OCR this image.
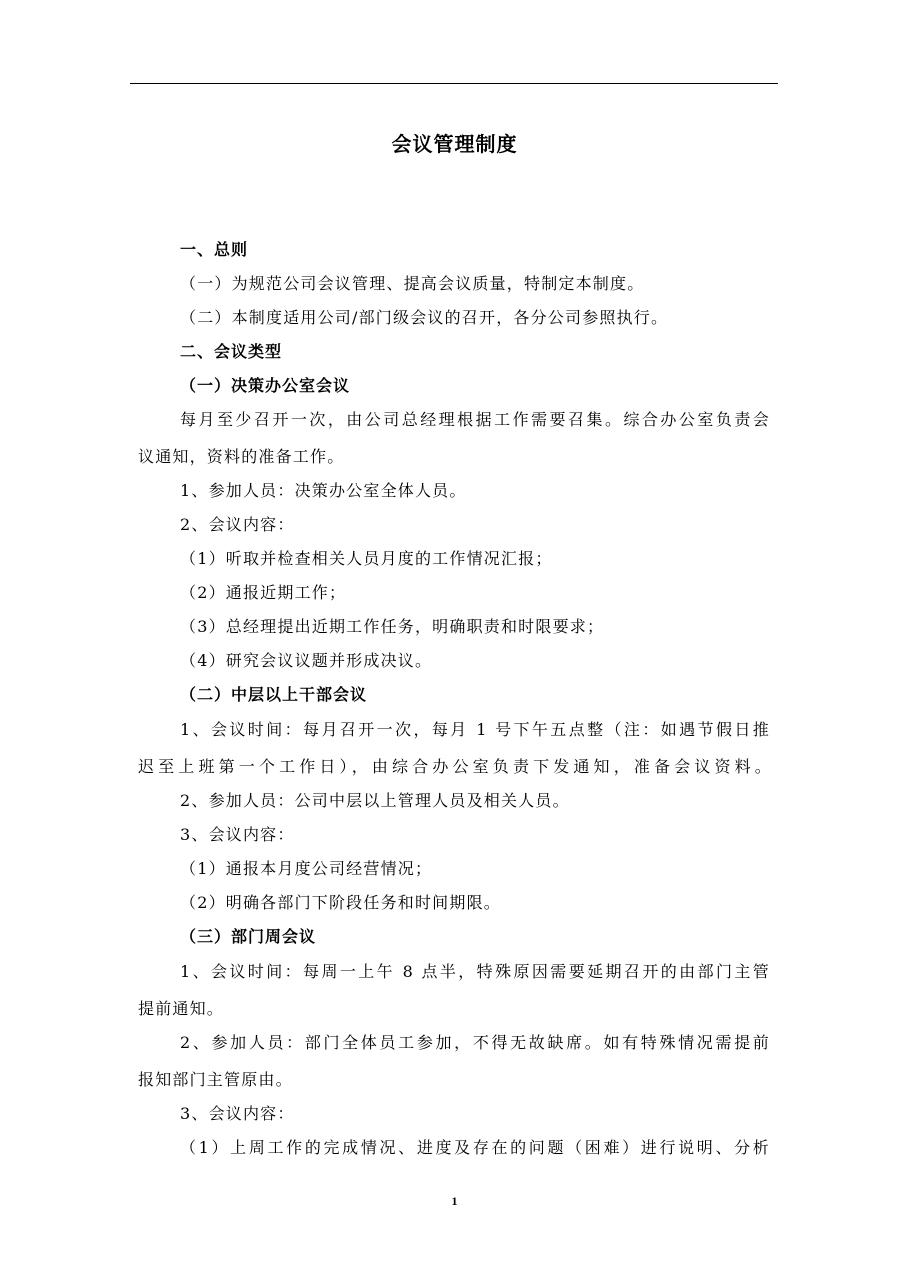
会议管理制度
一、总则
（一）为规范公司会议管理、提高会议质量，特制定本制度。
（二）本制度适用公司/部门级会议的召开，各分公司参照执行。
二、会议类型
（一）决策办公室会议
每月至少召开一次，由公司总经理根据工作需要召集。综合办公室负责会
议通知，资料的准备工作。
1、参加人员：决策办公室全体人员。
2、会议内容：
（1）听取并检查相关人员月度的工作情况汇报；
（2）通报近期工作；
（3）总经理提出近期工作任务，明确职责和时限要求；
（4）研究会议议题并形成决议。
（二）中层以上干部会议
1、会议时间：每月召开一次，每月 1 号下午五点整（注：如遇节假日推
迟至上班第一个工作日），由综合办公室负责下发通知，准备会议资料。
2、参加人员：公司中层以上管理人员及相关人员。
3、会议内容：
（1）通报本月度公司经营情况；
（2）明确各部门下阶段任务和时间期限。
（三）部门周会议
1、会议时间：每周一上午 8 点半，特殊原因需要延期召开的由部门主管
提前通知。
2、参加人员：部门全体员工参加，不得无故缺席。如有特殊情况需提前
报知部门主管原由。
3、会议内容：
（1）上周工作的完成情况、进度及存在的问题（困难）进行说明、分析
1
